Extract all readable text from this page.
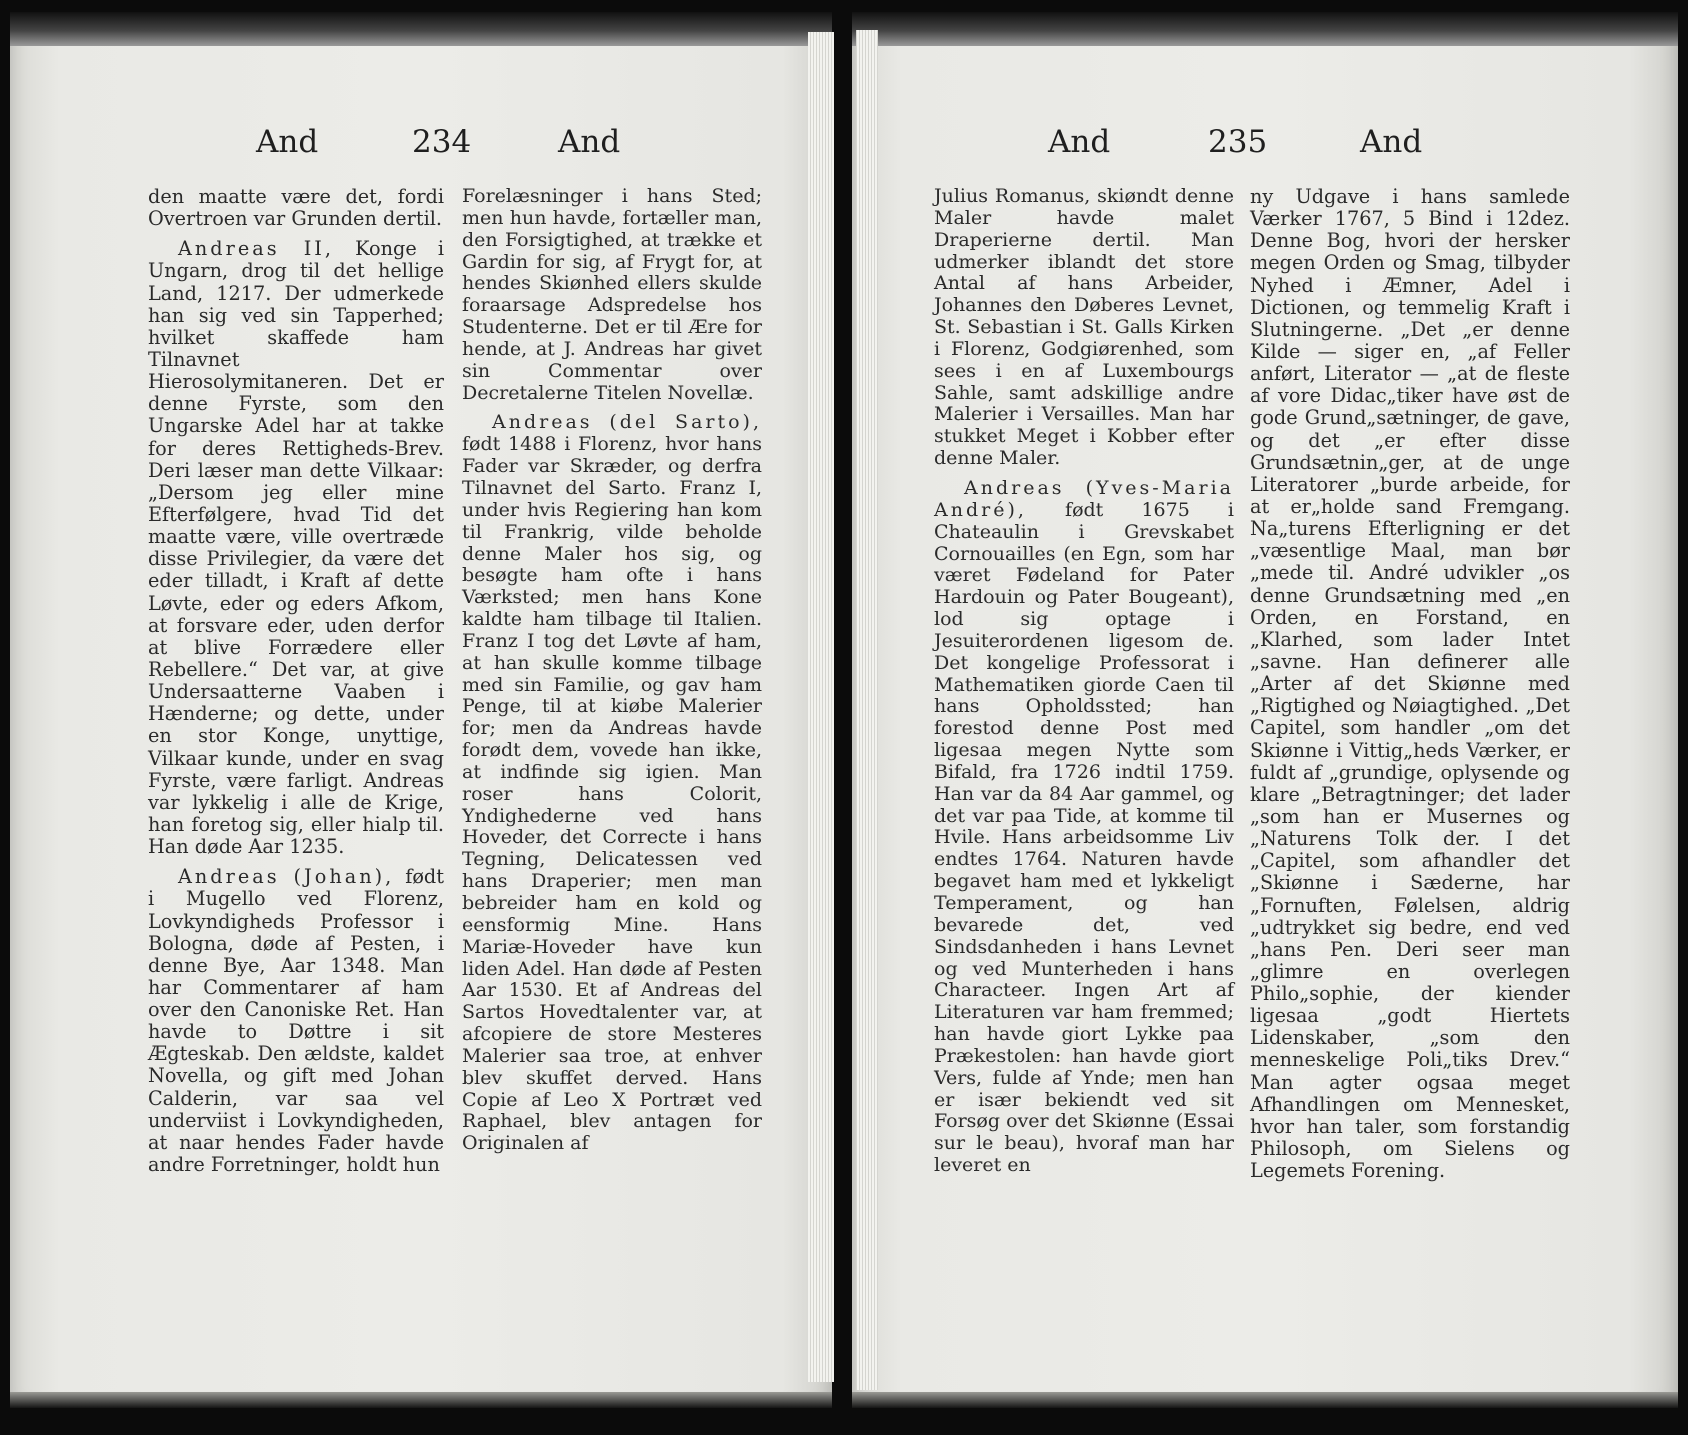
And	234	And

den maatte være det, fordi Overtroen var Grunden dertil.

Andreas II, Konge i Ungarn, drog til det hellige Land, 1217. Der udmerkede han sig ved sin Tapperhed; hvilket skaffede ham Tilnavnet Hierosolymitaneren. Det er denne Fyrste, som den Ungarske Adel har at takke for deres Rettigheds-Brev. Deri læser man dette Vilkaar: „Dersom jeg eller mine Efterfølgere, hvad Tid det maatte være, ville overtræde disse Privilegier, da være det eder tilladt, i Kraft af dette Løvte, eder og eders Afkom, at forsvare eder, uden derfor at blive Forrædere eller Rebellere.“ Det var, at give Undersaatterne Vaaben i Hænderne; og dette, under en stor Konge, unyttige, Vilkaar kunde, under en svag Fyrste, være farligt. Andreas var lykkelig i alle de Krige, han foretog sig, eller hialp til. Han døde Aar 1235.

Andreas (Johan), født i Mugello ved Florenz, Lovkyndigheds Professor i Bologna, døde af Pesten, i denne Bye, Aar 1348. Man har Commentarer af ham over den Canoniske Ret. Han havde to Døttre i sit Ægteskab. Den ældste, kaldet Novella, og gift med Johan Calderin, var saa vel underviist i Lovkyndigheden, at naar hendes Fader havde andre Forretninger, holdt hun

Forelæsninger i hans Sted; men hun havde, fortæller man, den Forsigtighed, at trække et Gardin for sig, af Frygt for, at hendes Skiønhed ellers skulde foraarsage Adspredelse hos Studenterne. Det er til Ære for hende, at J. Andreas har givet sin Commentar over Decretalerne Titelen Novellæ.

Andreas (del Sarto), født 1488 i Florenz, hvor hans Fader var Skræder, og derfra Tilnavnet del Sarto. Franz I, under hvis Regiering han kom til Frankrig, vilde beholde denne Maler hos sig, og besøgte ham ofte i hans Værksted; men hans Kone kaldte ham tilbage til Italien. Franz I tog det Løvte af ham, at han skulle komme tilbage med sin Familie, og gav ham Penge, til at kiøbe Malerier for; men da Andreas havde forødt dem, vovede han ikke, at indfinde sig igien. Man roser hans Colorit, Yndighederne ved hans Hoveder, det Correcte i hans Tegning, Delicatessen ved hans Draperier; men man bebreider ham en kold og eensformig Mine. Hans Mariæ-Hoveder have kun liden Adel. Han døde af Pesten Aar 1530. Et af Andreas del Sartos Hovedtalenter var, at afcopiere de store Mesteres Malerier saa troe, at enhver blev skuffet derved. Hans Copie af Leo X Portræt ved Raphael, blev antagen for Originalen af

And	235	And

Julius Romanus, skiøndt denne Maler havde malet Draperierne dertil. Man udmerker iblandt det store Antal af hans Arbeider, Johannes den Døberes Levnet, St. Sebastian i St. Galls Kirken i Florenz, Godgiørenhed, som sees i en af Luxembourgs Sahle, samt adskillige andre Malerier i Versailles. Man har stukket Meget i Kobber efter denne Maler.

Andreas (Yves-Maria André), født 1675 i Chateaulin i Grevskabet Cornouailles (en Egn, som har været Fødeland for Pater Hardouin og Pater Bougeant), lod sig optage i Jesuiterordenen ligesom de. Det kongelige Professorat i Mathematiken giorde Caen til hans Opholdssted; han forestod denne Post med ligesaa megen Nytte som Bifald, fra 1726 indtil 1759. Han var da 84 Aar gammel, og det var paa Tide, at komme til Hvile. Hans arbeidsomme Liv endtes 1764. Naturen havde begavet ham med et lykkeligt Temperament, og han bevarede det, ved Sindsdanheden i hans Levnet og ved Munterheden i hans Characteer. Ingen Art af Literaturen var ham fremmed; han havde giort Lykke paa Prækestolen: han havde giort Vers, fulde af Ynde; men han er især bekiendt ved sit Forsøg over det Skiønne (Essai sur le beau), hvoraf man har leveret en

ny Udgave i hans samlede Værker 1767, 5 Bind i 12dez. Denne Bog, hvori der hersker megen Orden og Smag, tilbyder Nyhed i Æmner, Adel i Dictionen, og temmelig Kraft i Slutningerne. „Det „er denne Kilde — siger en, „af Feller anført, Literator — „at de fleste af vore Didac„tiker have øst de gode Grund„sætninger, de gave, og det „er efter disse Grundsætnin„ger, at de unge Literatorer „burde arbeide, for at er„holde sand Fremgang. Na„turens Efterligning er det „væsentlige Maal, man bør „mede til. André udvikler „os denne Grundsætning med „en Orden, en Forstand, en „Klarhed, som lader Intet „savne. Han definerer alle „Arter af det Skiønne med „Rigtighed og Nøiagtighed. „Det Capitel, som handler „om det Skiønne i Vittig„heds Værker, er fuldt af „grundige, oplysende og klare „Betragtninger; det lader „som han er Musernes og „Naturens Tolk der. I det „Capitel, som afhandler det „Skiønne i Sæderne, har „Fornuften, Følelsen, aldrig „udtrykket sig bedre, end ved „hans Pen. Deri seer man „glimre en overlegen Philo„sophie, der kiender ligesaa „godt Hiertets Lidenskaber, „som den menneskelige Poli„tiks Drev.“ Man agter ogsaa meget Afhandlingen om Mennesket, hvor han taler, som forstandig Philosoph, om Sielens og Legemets Forening.
